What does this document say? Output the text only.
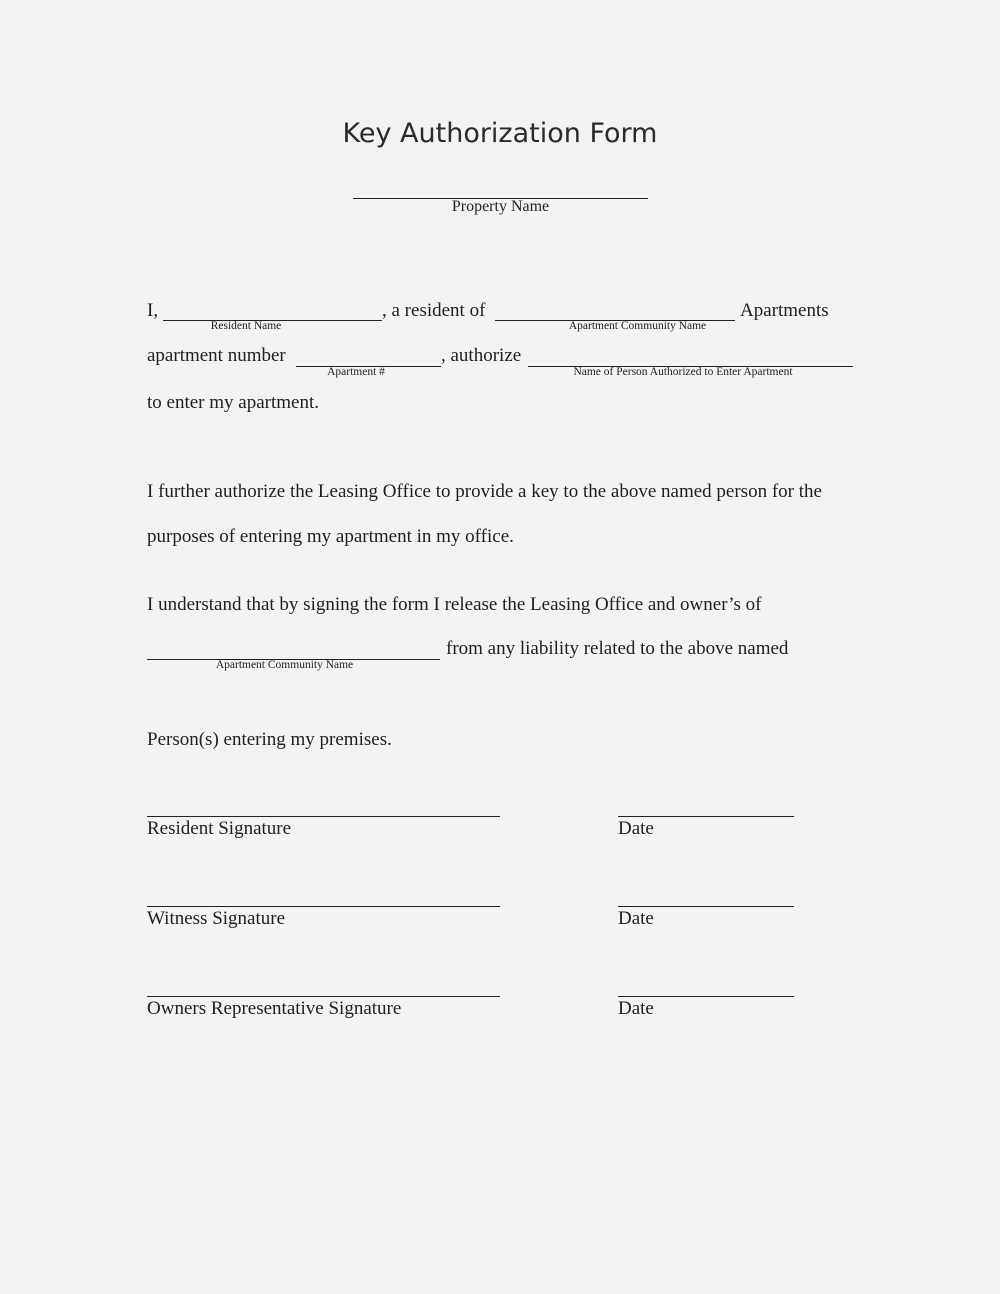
Key Authorization Form
Property Name
I,
Resident Name
, a resident of
Apartment Community Name
Apartments
apartment number
Apartment #
, authorize
Name of Person Authorized to Enter Apartment
to enter my apartment.
I further authorize the Leasing Office to provide a key to the above named person for the
purposes of entering my apartment in my office.
I understand that by signing the form I release the Leasing Office and owner’s of
Apartment Community Name
from any liability related to the above named
Person(s) entering my premises.
Resident Signature	Date
Witness Signature	Date
Owners Representative Signature	Date
